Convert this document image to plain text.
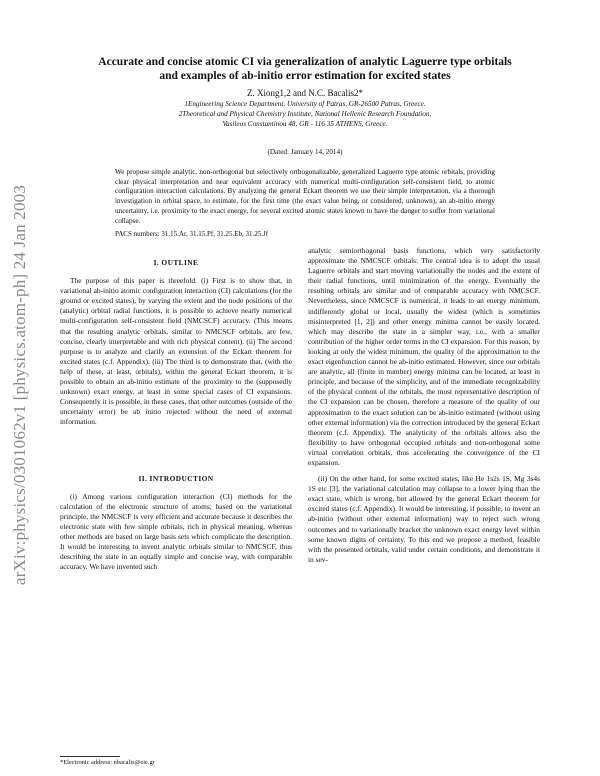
arXiv:physics/0301062v1 [physics.atom-ph] 24 Jan 2003
Accurate and concise atomic CI via generalization of analytic Laguerre type orbitals
and examples of ab-initio error estimation for excited states
Z. Xiong1,2 and N.C. Bacalis2*
1Engineering Science Department, University of Patras, GR-26500 Patras, Greece.
2Theoretical and Physical Chemistry Institute, National Hellenic Research Foundation,
Vasileos Constantinou 48, GR - 116 35 ATHENS, Greece.
(Dated: January 14, 2014)
We propose simple analytic, non-orthogonal but selectively orthogonalizable, generalized Laguerre type atomic orbitals, providing clear physical interpretation and near equivalent accuracy with numerical multi-configuration self-consistent field, to atomic configuration interaction calculations. By analyzing the general Eckart theorem we use their simple interpretation, via a thorough investigation in orbital space, to estimate, for the first time (the exact value being, or considered, unknown), an ab-initio energy uncertainty, i.e. proximity to the exact energy, for several excited atomic states known to have the danger to suffer from variational collapse.
PACS numbers: 31.15.Ar, 31.15.Pf, 31.25.Eb, 31.25.Jf
I. OUTLINE

The purpose of this paper is threefold. (i) First is to show that, in variational ab-initio atomic configuration interaction (CI) calculations (for the ground or excited states), by varying the extent and the node positions of the (analytic) orbital radial functions, it is possible to achieve nearly numerical multi-configuration self-consistent field (NMCSCF) accuracy. (This means that the resulting analytic orbitals, similar to NMCSCF orbitals, are few, concise, clearly interpretable and with rich physical content). (ii) The second purpose is to analyze and clarify an extension of the Eckart theorem for excited states (c.f. Appendix). (iii) The third is to demonstrate that, (with the help of these, at least, orbitals), within the general Eckart theorem, it is possible to obtain an ab-initio estimate of the proximity to the (supposedly unknown) exact energy, at least in some special cases of CI expansions. Consequently it is possible, in these cases, that other outcomes (outside of the uncertainty error) be ab initio rejected without the need of external information.

II. INTRODUCTION

(i) Among various configuration interaction (CI) methods for the calculation of the electronic structure of atoms, based on the variational principle, the NMCSCF is very efficient and accurate because it describes the electronic state with few simple orbitals, rich in physical meaning, whereas other methods are based on large basis sets which complicate the description. It would be interesting to invent analytic orbitals similar to NMCSCF, thus describing the state in an equally simple and concise way, with comparable accuracy. We have invented such

analytic semiorthogonal basis functions, which very satisfactorily approximate the NMCSCF orbitals: The central idea is to adopt the usual Laguerre orbitals and start moving variationally the nodes and the extent of their radial functions, until minimization of the energy. Eventually the resulting orbitals are similar and of comparable accuracy with NMCSCF. Nevertheless, since NMCSCF is numerical, it leads to an energy minimum, indifferently global or local, usually the widest (which is sometimes misinterpreted [1, 2]) and other energy minima cannot be easily located, which may describe the state in a simpler way, i.e., with a smaller contribution of the higher order terms in the CI expansion. For this reason, by looking at only the widest minimum, the quality of the approximation to the exact eigenfunction cannot be ab-initio estimated. However, since our orbitals are analytic, all (finite in number) energy minima can be located, at least in principle, and because of the simplicity, and of the immediate recognizability of the physical content of the orbitals, the most representative description of the CI expansion can be chosen, therefore a measure of the quality of our approximation to the exact solution can be ab-initio estimated (without using other external information) via the correction introduced by the general Eckart theorem (c.f. Appendix). The analyticity of the orbitals allows also the flexibility to have orthogonal occupied orbitals and non-orthogonal some virtual correlation orbitals, thus accelerating the convergence of the CI expansion.

(ii) On the other hand, for some excited states, like He 1s2s 1S, Mg 3s4s 1S etc [3], the variational calculation may collapse to a lower lying than the exact state, which is wrong, but allowed by the general Eckart theorem for excited states (c.f. Appendix). It would be interesting, if possible, to invent an ab-initio (without other external information) way to reject such wrong outcomes and to variationally bracket the unknown exact energy level within some known digits of certainty. To this end we propose a method, feasible with the presented orbitals, valid under certain conditions, and demonstrate it in sev-

*Electronic address: nbacalis@eie.gr
